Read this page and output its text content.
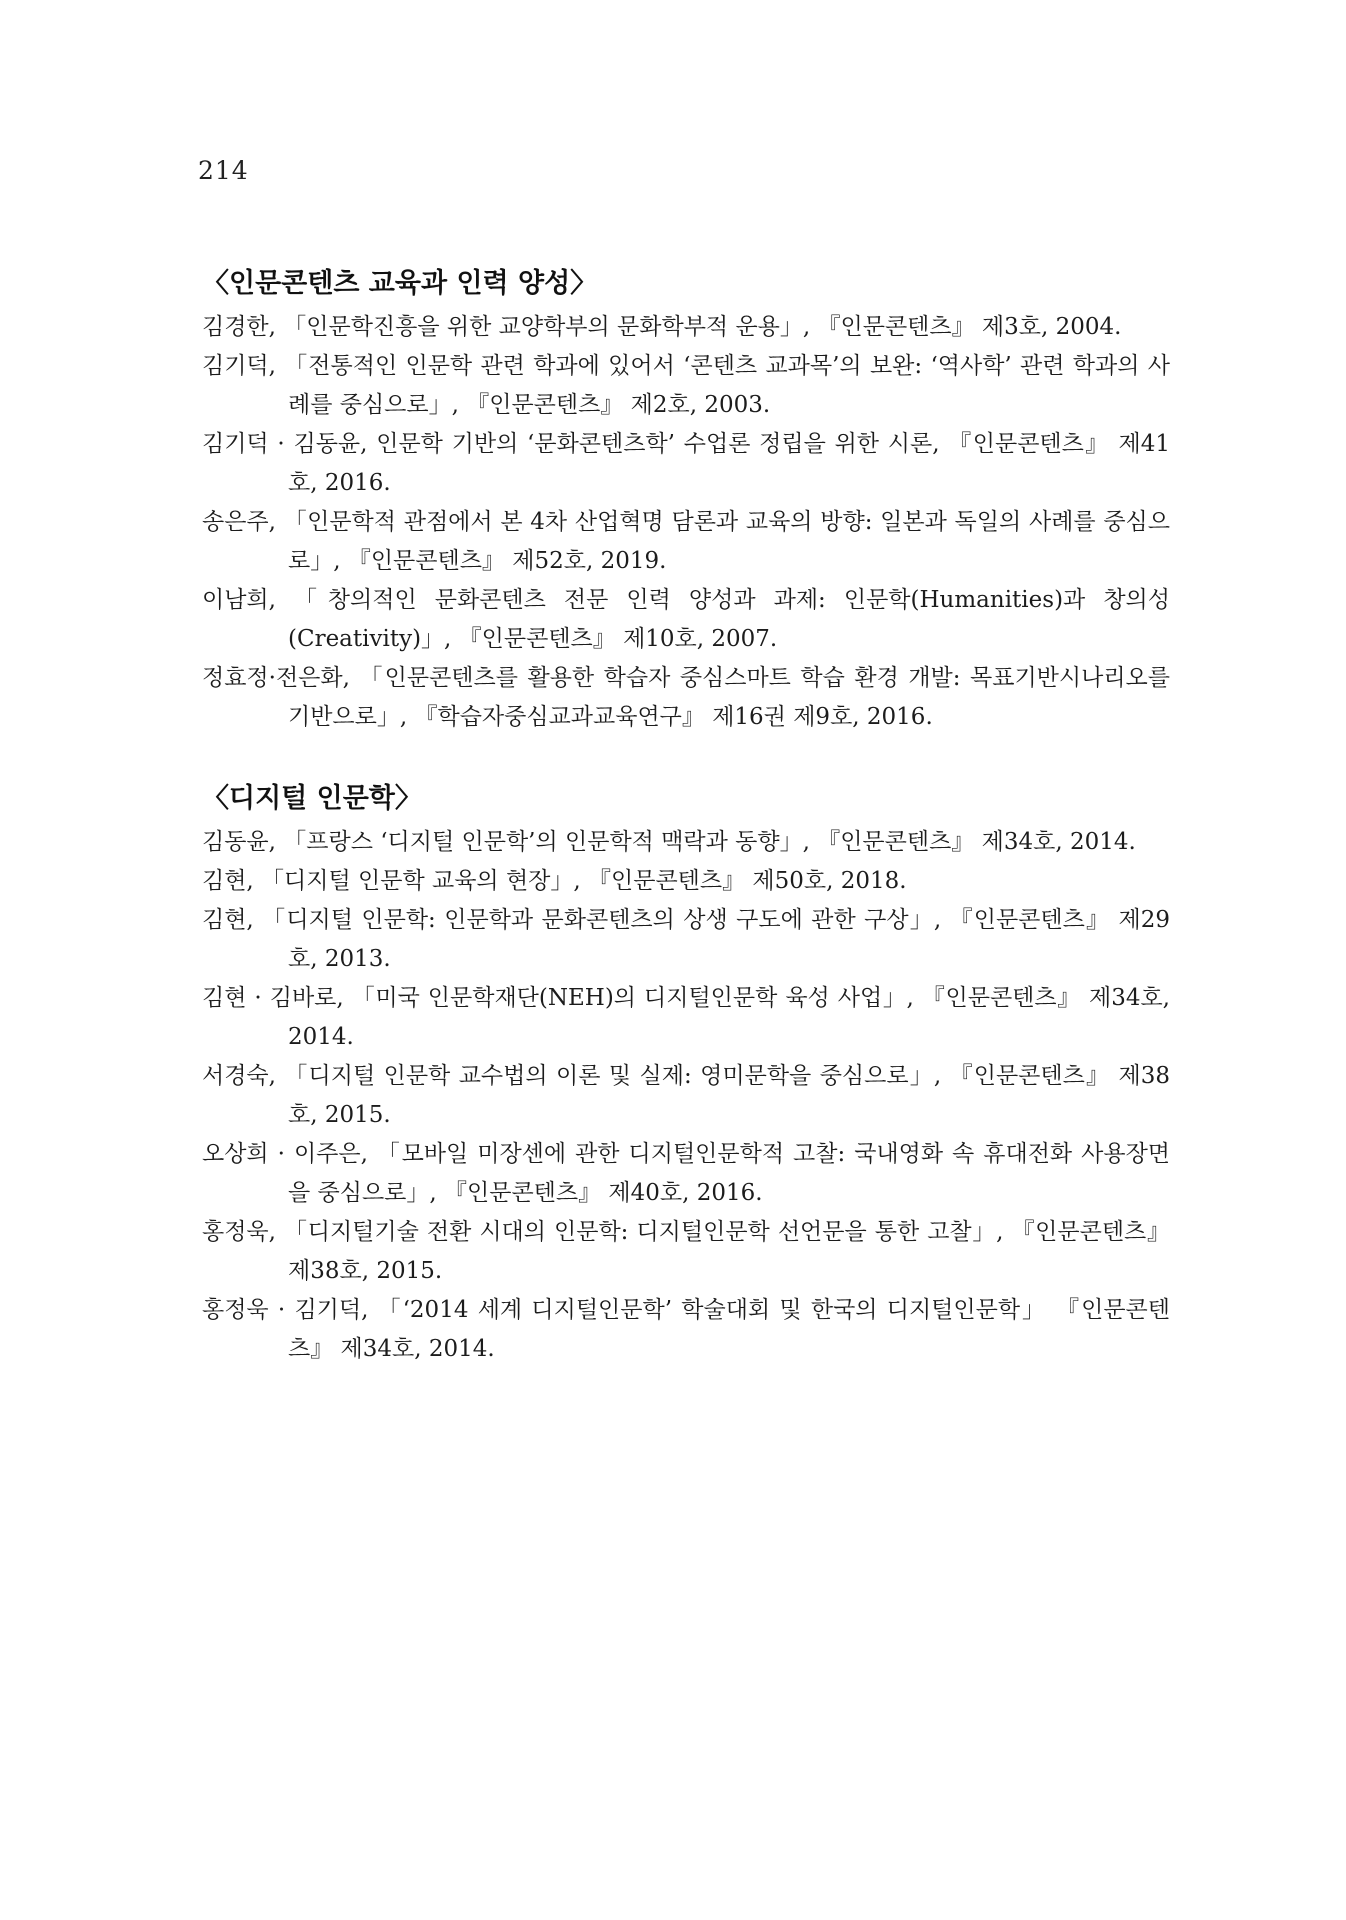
214
〈인문콘텐츠 교육과 인력 양성〉

김경한, 「인문학진흥을 위한 교양학부의 문화학부적 운용」, 『인문콘텐츠』 제3호, 2004.

김기덕, 「전통적인 인문학 관련 학과에 있어서 ‘콘텐츠 교과목’의 보완: ‘역사학’ 관련 학과의 사례를 중심으로」, 『인문콘텐츠』 제2호, 2003.

김기덕 · 김동윤, 인문학 기반의 ‘문화콘텐츠학’ 수업론 정립을 위한 시론, 『인문콘텐츠』 제41호, 2016.

송은주, 「인문학적 관점에서 본 4차 산업혁명 담론과 교육의 방향: 일본과 독일의 사례를 중심으로」, 『인문콘텐츠』 제52호, 2019.

이남희, 「창의적인 문화콘텐츠 전문 인력 양성과 과제: 인문학(Humanities)과 창의성(Creativity)」, 『인문콘텐츠』 제10호, 2007.

정효정·전은화, 「인문콘텐츠를 활용한 학습자 중심스마트 학습 환경 개발: 목표기반시나리오를 기반으로」, 『학습자중심교과교육연구』 제16권 제9호, 2016.

〈디지털 인문학〉

김동윤, 「프랑스 ‘디지털 인문학’의 인문학적 맥락과 동향」, 『인문콘텐츠』 제34호, 2014.

김현, 「디지털 인문학 교육의 현장」, 『인문콘텐츠』 제50호, 2018.

김현, 「디지털 인문학: 인문학과 문화콘텐츠의 상생 구도에 관한 구상」, 『인문콘텐츠』 제29호, 2013.

김현 · 김바로, 「미국 인문학재단(NEH)의 디지털인문학 육성 사업」, 『인문콘텐츠』 제34호, 2014.

서경숙, 「디지털 인문학 교수법의 이론 및 실제: 영미문학을 중심으로」, 『인문콘텐츠』 제38호, 2015.

오상희 · 이주은, 「모바일 미장센에 관한 디지털인문학적 고찰: 국내영화 속 휴대전화 사용장면을 중심으로」, 『인문콘텐츠』 제40호, 2016.

홍정욱, 「디지털기술 전환 시대의 인문학: 디지털인문학 선언문을 통한 고찰」, 『인문콘텐츠』 제38호, 2015.

홍정욱 · 김기덕, 「‘2014 세계 디지털인문학’ 학술대회 및 한국의 디지털인문학」 『인문콘텐츠』 제34호, 2014.
